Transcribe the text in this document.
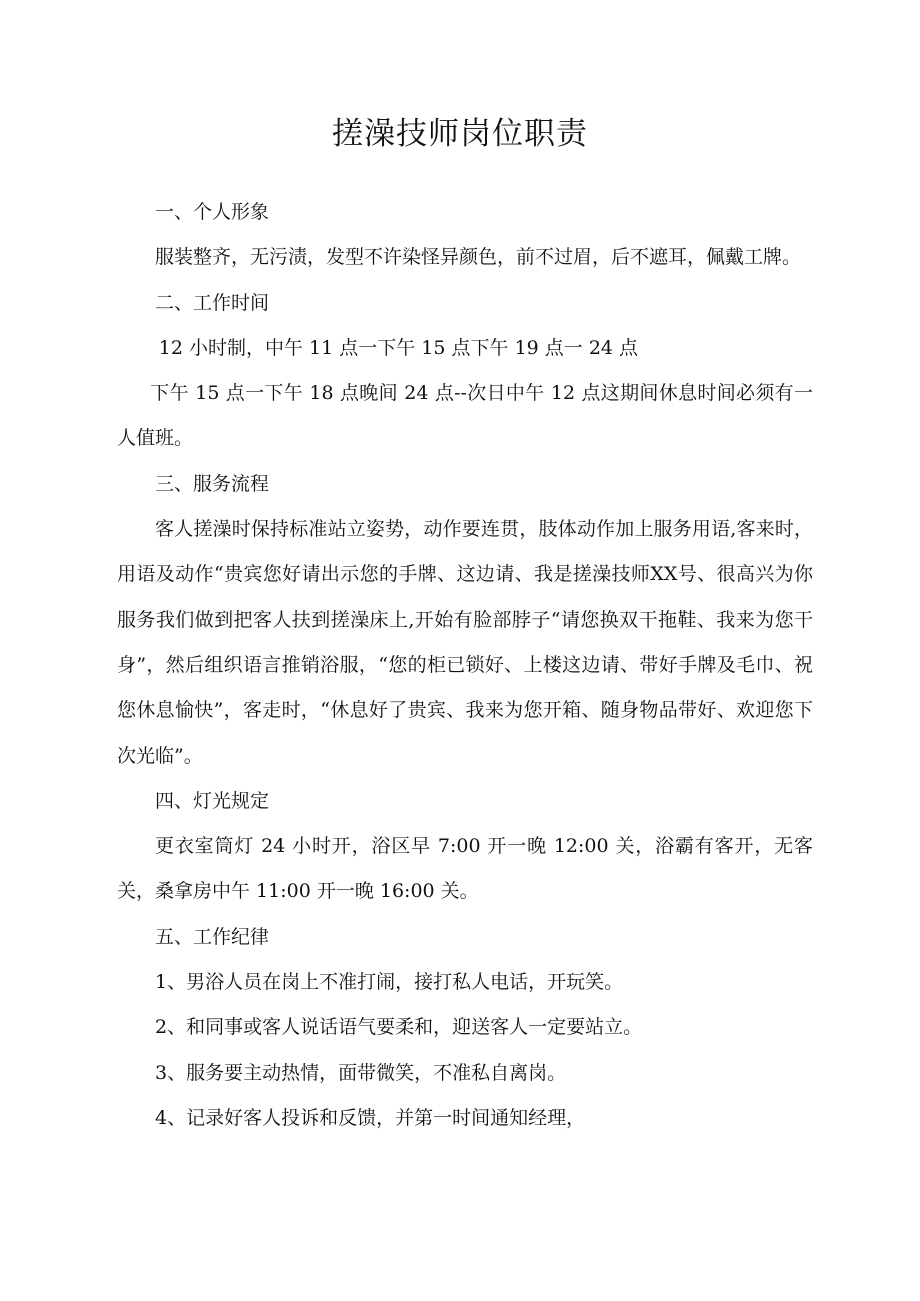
搓澡技师岗位职责

一、个人形象

服装整齐，无污渍，发型不许染怪异颜色，前不过眉，后不遮耳，佩戴工牌。

二、工作时间

12 小时制，中午 11 点一下午 15 点下午 19 点一 24 点

下午 15 点一下午 18 点晚间 24 点--次日中午 12 点这期间休息时间必须有一人值班。

三、服务流程

客人搓澡时保持标准站立姿势，动作要连贯，肢体动作加上服务用语,客来时，用语及动作“贵宾您好请出示您的手牌、这边请、我是搓澡技师XX号、很高兴为你服务我们做到把客人扶到搓澡床上,开始有脸部脖子“请您换双干拖鞋、我来为您干身”，然后组织语言推销浴服，“您的柜已锁好、上楼这边请、带好手牌及毛巾、祝您休息愉快”，客走时，“休息好了贵宾、我来为您开箱、随身物品带好、欢迎您下次光临”。

四、灯光规定

更衣室筒灯 24 小时开，浴区早 7:00 开一晚 12:00 关，浴霸有客开，无客关，桑拿房中午 11:00 开一晚 16:00 关。

五、工作纪律

1、男浴人员在岗上不准打闹，接打私人电话，开玩笑。

2、和同事或客人说话语气要柔和，迎送客人一定要站立。

3、服务要主动热情，面带微笑，不准私自离岗。

4、记录好客人投诉和反馈，并第一时间通知经理，
